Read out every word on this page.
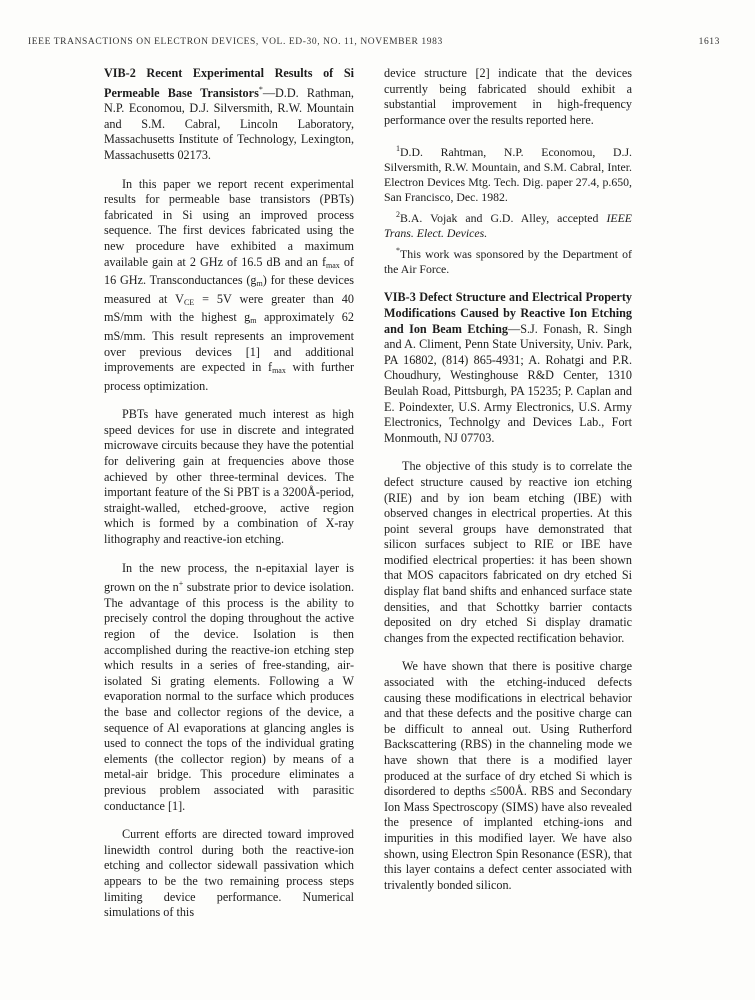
IEEE TRANSACTIONS ON ELECTRON DEVICES, VOL. ED-30, NO. 11, NOVEMBER 1983	1613

VIB-2 Recent Experimental Results of Si Permeable Base Transistors*—D.D. Rathman, N.P. Economou, D.J. Silversmith, R.W. Mountain and S.M. Cabral, Lincoln Laboratory, Massachusetts Institute of Technology, Lexington, Massachusetts 02173.

In this paper we report recent experimental results for permeable base transistors (PBTs) fabricated in Si using an improved process sequence. The first devices fabricated using the new procedure have exhibited a maximum available gain at 2 GHz of 16.5 dB and an $f_{max}$ of 16 GHz. Transconductances $(g_m)$ for these devices measured at $V_{CE} = 5V$ were greater than 40 mS/mm with the highest $g_m$ approximately 62 mS/mm. This result represents an improvement over previous devices [1] and additional improvements are expected in $f_{max}$ with further process optimization.

PBTs have generated much interest as high speed devices for use in discrete and integrated microwave circuits because they have the potential for delivering gain at frequencies above those achieved by other three-terminal devices. The important feature of the Si PBT is a 3200Å-period, straight-walled, etched-groove, active region which is formed by a combination of X-ray lithography and reactive-ion etching.

In the new process, the n-epitaxial layer is grown on the n+ substrate prior to device isolation. The advantage of this process is the ability to precisely control the doping throughout the active region of the device. Isolation is then accomplished during the reactive-ion etching step which results in a series of free-standing, air-isolated Si grating elements. Following a W evaporation normal to the surface which produces the base and collector regions of the device, a sequence of Al evaporations at glancing angles is used to connect the tops of the individual grating elements (the collector region) by means of a metal-air bridge. This procedure eliminates a previous problem associated with parasitic conductance [1].

Current efforts are directed toward improved linewidth control during both the reactive-ion etching and collector sidewall passivation which appears to be the two remaining process steps limiting device performance. Numerical simulations of this

device structure [2] indicate that the devices currently being fabricated should exhibit a substantial improvement in high-frequency performance over the results reported here.

$^1$D.D. Rahtman, N.P. Economou, D.J. Silversmith, R.W. Mountain, and S.M. Cabral, Inter. Electron Devices Mtg. Tech. Dig. paper 27.4, p.650, San Francisco, Dec. 1982.

$^2$B.A. Vojak and G.D. Alley, accepted IEEE Trans. Elect. Devices.

*This work was sponsored by the Department of the Air Force.

VIB-3 Defect Structure and Electrical Property Modifications Caused by Reactive Ion Etching and Ion Beam Etching—S.J. Fonash, R. Singh and A. Climent, Penn State University, Univ. Park, PA 16802, (814) 865-4931; A. Rohatgi and P.R. Choudhury, Westinghouse R&D Center, 1310 Beulah Road, Pittsburgh, PA 15235; P. Caplan and E. Poindexter, U.S. Army Electronics, U.S. Army Electronics, Technolgy and Devices Lab., Fort Monmouth, NJ 07703.

The objective of this study is to correlate the defect structure caused by reactive ion etching (RIE) and by ion beam etching (IBE) with observed changes in electrical properties. At this point several groups have demonstrated that silicon surfaces subject to RIE or IBE have modified electrical properties: it has been shown that MOS capacitors fabricated on dry etched Si display flat band shifts and enhanced surface state densities, and that Schottky barrier contacts deposited on dry etched Si display dramatic changes from the expected rectification behavior.

We have shown that there is positive charge associated with the etching-induced defects causing these modifications in electrical behavior and that these defects and the positive charge can be difficult to anneal out. Using Rutherford Backscattering (RBS) in the channeling mode we have shown that there is a modified layer produced at the surface of dry etched Si which is disordered to depths ≤500Å. RBS and Secondary Ion Mass Spectroscopy (SIMS) have also revealed the presence of implanted etching-ions and impurities in this modified layer. We have also shown, using Electron Spin Resonance (ESR), that this layer contains a defect center associated with trivalently bonded silicon.
